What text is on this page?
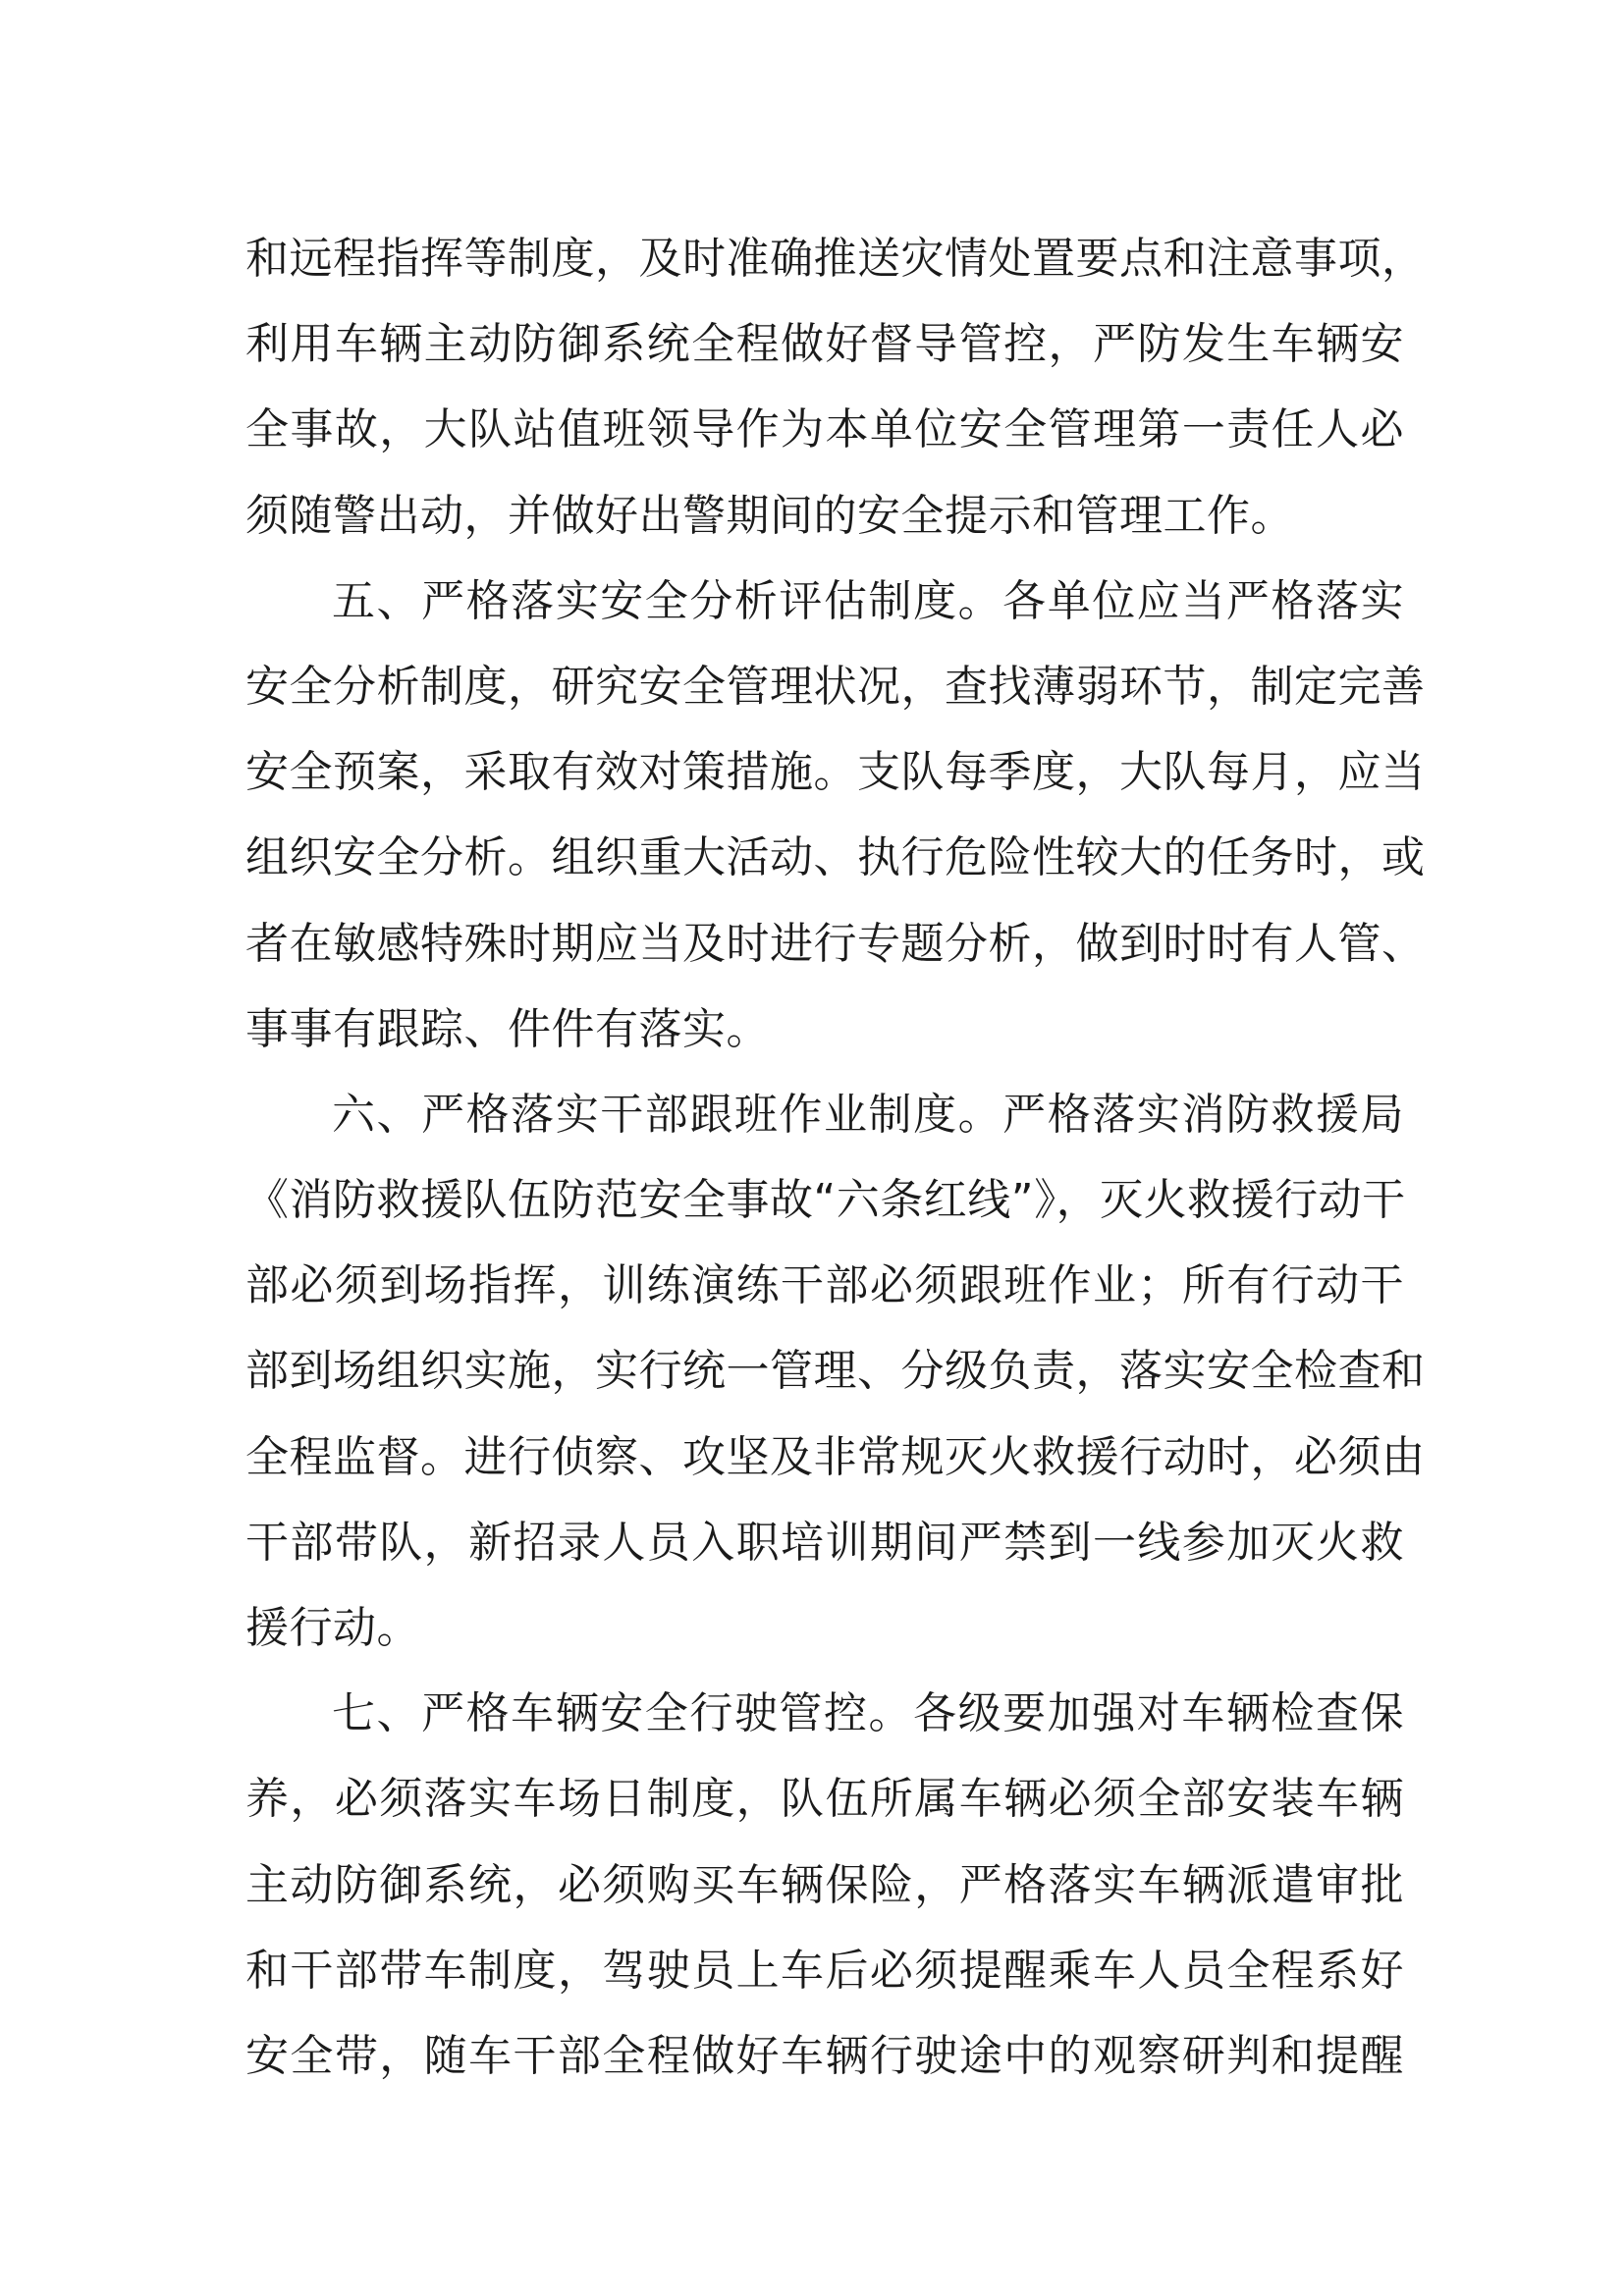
和远程指挥等制度，及时准确推送灾情处置要点和注意事项，
利用车辆主动防御系统全程做好督导管控，严防发生车辆安
全事故，大队站值班领导作为本单位安全管理第一责任人必
须随警出动，并做好出警期间的安全提示和管理工作。
五、严格落实安全分析评估制度。各单位应当严格落实
安全分析制度，研究安全管理状况，查找薄弱环节，制定完善
安全预案，采取有效对策措施。支队每季度，大队每月，应当
组织安全分析。组织重大活动、执行危险性较大的任务时，或
者在敏感特殊时期应当及时进行专题分析，做到时时有人管、
事事有跟踪、件件有落实。
六、严格落实干部跟班作业制度。严格落实消防救援局
《消防救援队伍防范安全事故“六条红线”》，灭火救援行动干
部必须到场指挥，训练演练干部必须跟班作业；所有行动干
部到场组织实施，实行统一管理、分级负责，落实安全检查和
全程监督。进行侦察、攻坚及非常规灭火救援行动时，必须由
干部带队，新招录人员入职培训期间严禁到一线参加灭火救
援行动。
七、严格车辆安全行驶管控。各级要加强对车辆检查保
养，必须落实车场日制度，队伍所属车辆必须全部安装车辆
主动防御系统，必须购买车辆保险，严格落实车辆派遣审批
和干部带车制度，驾驶员上车后必须提醒乘车人员全程系好
安全带，随车干部全程做好车辆行驶途中的观察研判和提醒
